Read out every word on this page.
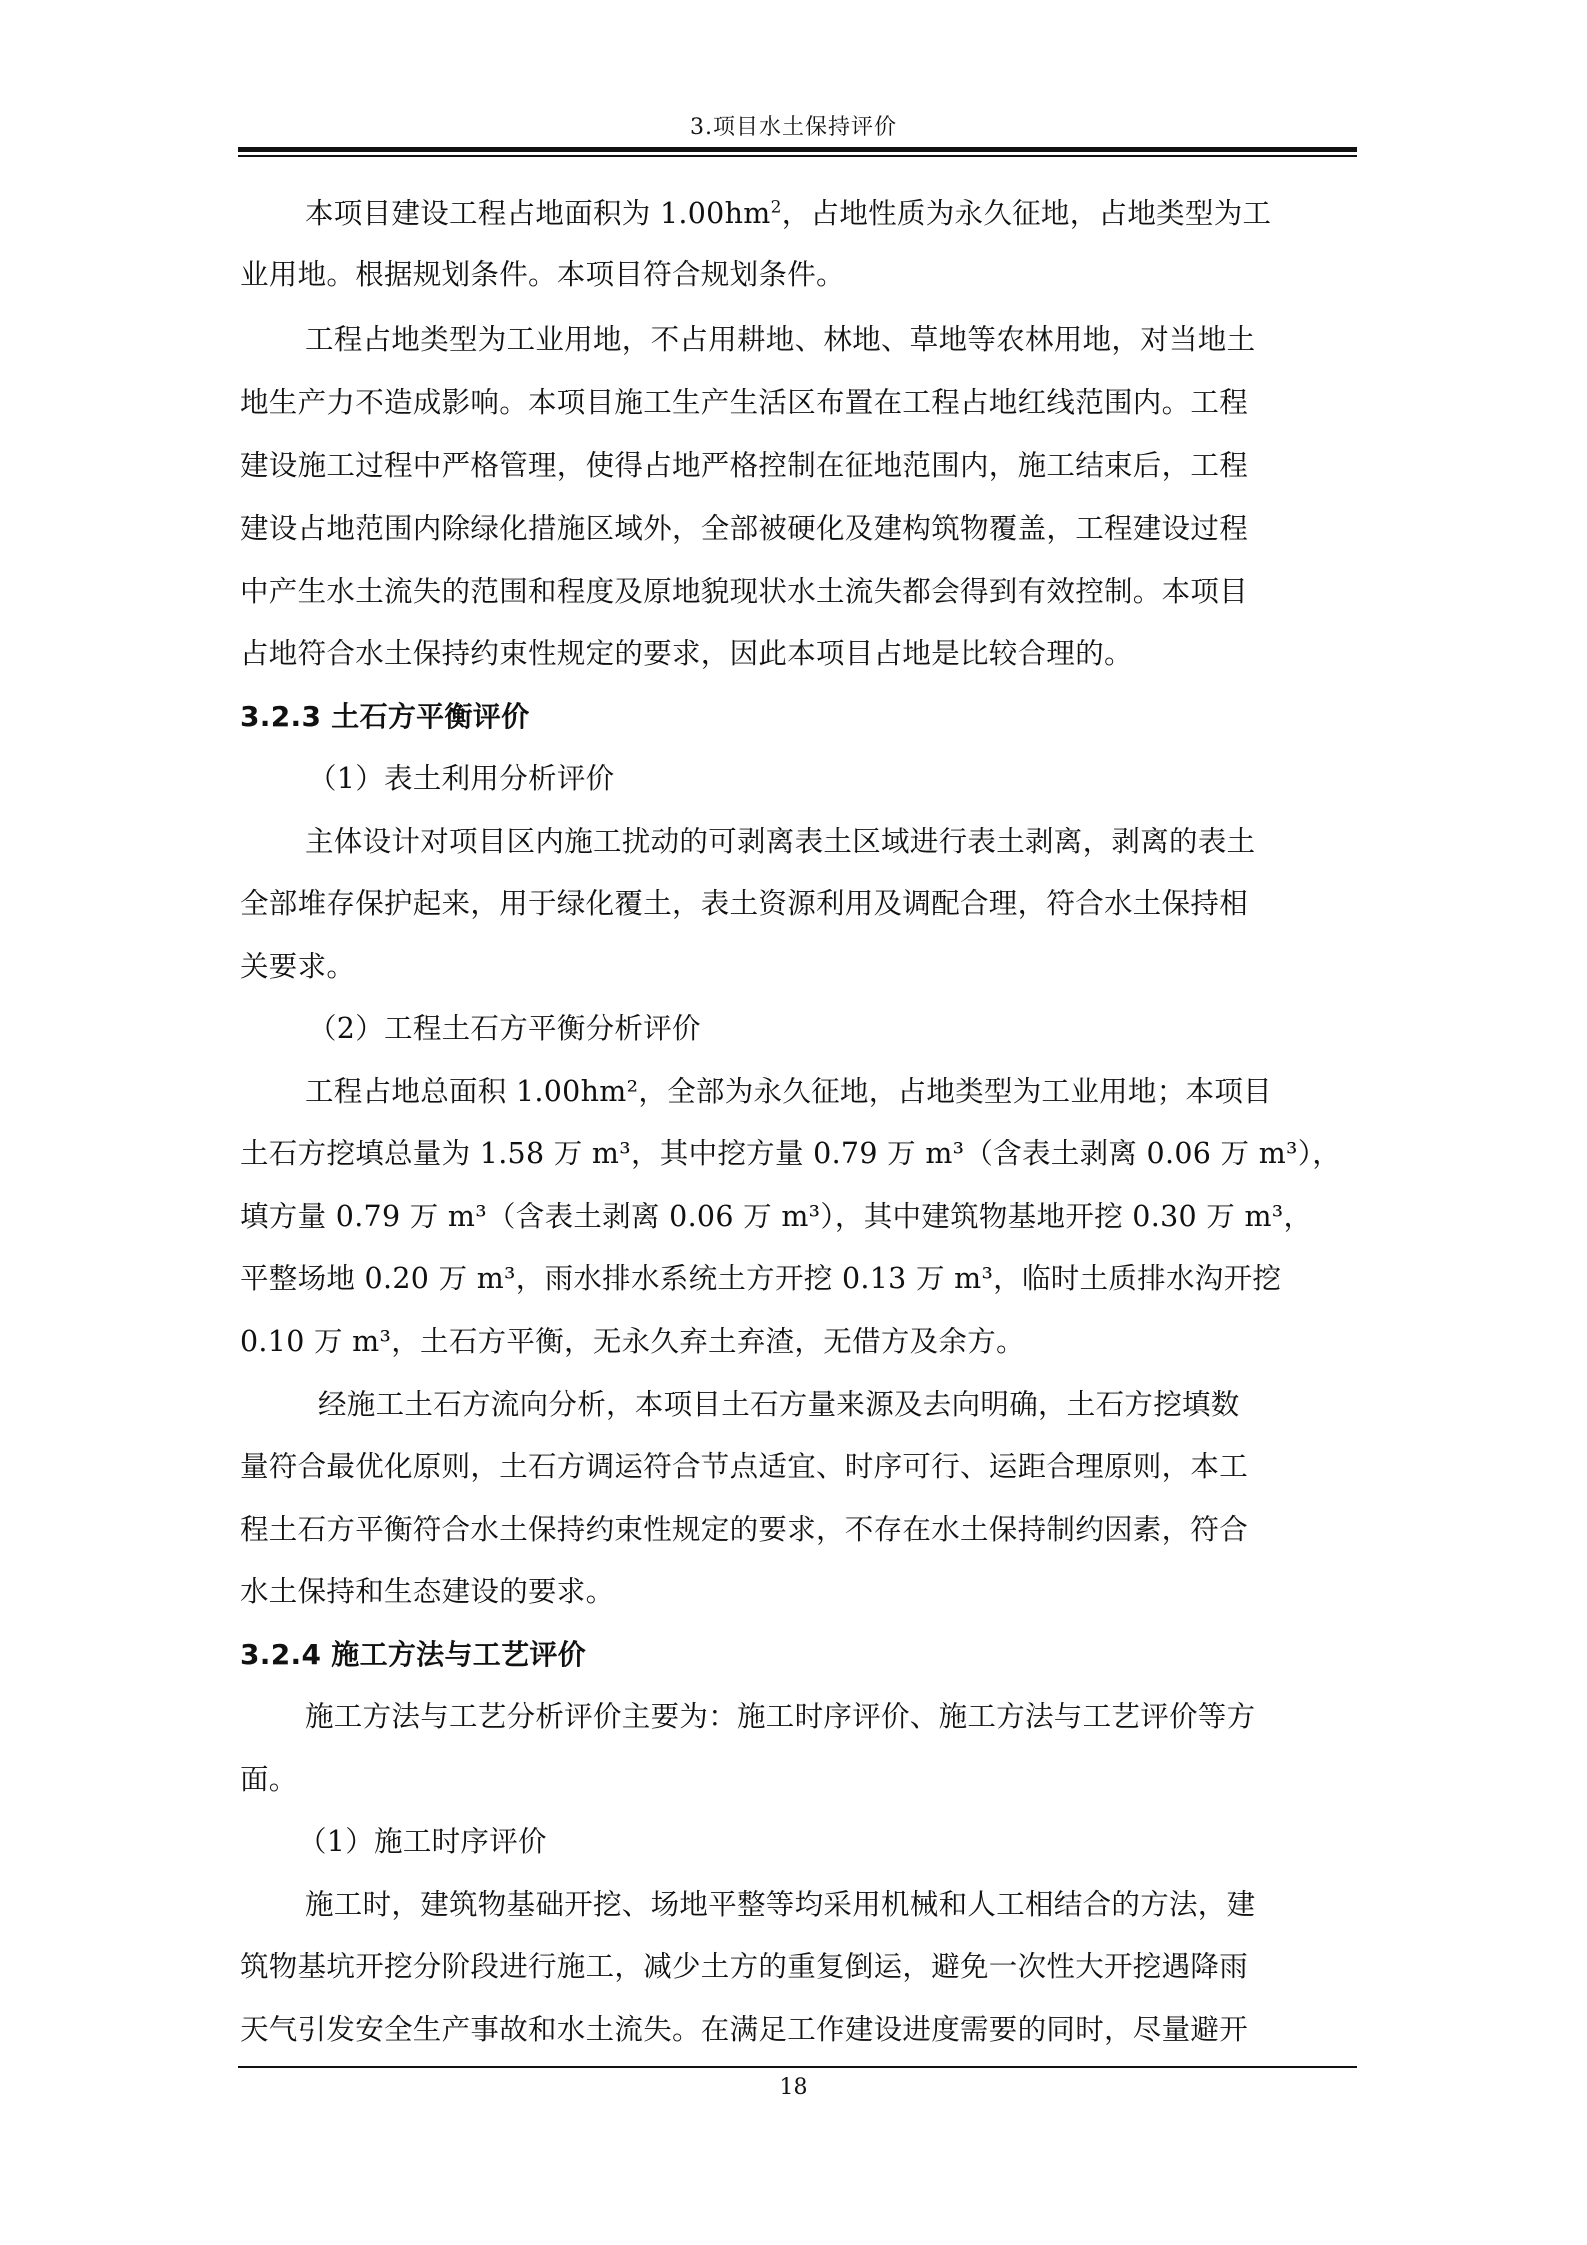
3.项目水土保持评价
本项目建设工程占地面积为 $1.00hm^2$，占地性质为永久征地，占地类型为工
业用地。根据规划条件。本项目符合规划条件。
工程占地类型为工业用地，不占用耕地、林地、草地等农林用地，对当地土
地生产力不造成影响。本项目施工生产生活区布置在工程占地红线范围内。工程
建设施工过程中严格管理，使得占地严格控制在征地范围内，施工结束后，工程
建设占地范围内除绿化措施区域外，全部被硬化及建构筑物覆盖，工程建设过程
中产生水土流失的范围和程度及原地貌现状水土流失都会得到有效控制。本项目
占地符合水土保持约束性规定的要求，因此本项目占地是比较合理的。
3.2.3 土石方平衡评价
（1）表土利用分析评价
主体设计对项目区内施工扰动的可剥离表土区域进行表土剥离，剥离的表土
全部堆存保护起来，用于绿化覆土，表土资源利用及调配合理，符合水土保持相
关要求。
（2）工程土石方平衡分析评价
工程占地总面积 1.00hm²，全部为永久征地，占地类型为工业用地；本项目
土石方挖填总量为 1.58 万 m³，其中挖方量 0.79 万 m³（含表土剥离 0.06 万 m³），
填方量 0.79 万 m³（含表土剥离 0.06 万 m³），其中建筑物基地开挖 0.30 万 m³，
平整场地 0.20 万 m³，雨水排水系统土方开挖 0.13 万 m³，临时土质排水沟开挖
0.10 万 m³，土石方平衡，无永久弃土弃渣，无借方及余方。
经施工土石方流向分析，本项目土石方量来源及去向明确，土石方挖填数
量符合最优化原则，土石方调运符合节点适宜、时序可行、运距合理原则，本工
程土石方平衡符合水土保持约束性规定的要求，不存在水土保持制约因素，符合
水土保持和生态建设的要求。
3.2.4 施工方法与工艺评价
施工方法与工艺分析评价主要为：施工时序评价、施工方法与工艺评价等方
面。
（1）施工时序评价
施工时，建筑物基础开挖、场地平整等均采用机械和人工相结合的方法，建
筑物基坑开挖分阶段进行施工，减少土方的重复倒运，避免一次性大开挖遇降雨
天气引发安全生产事故和水土流失。在满足工作建设进度需要的同时，尽量避开
18
